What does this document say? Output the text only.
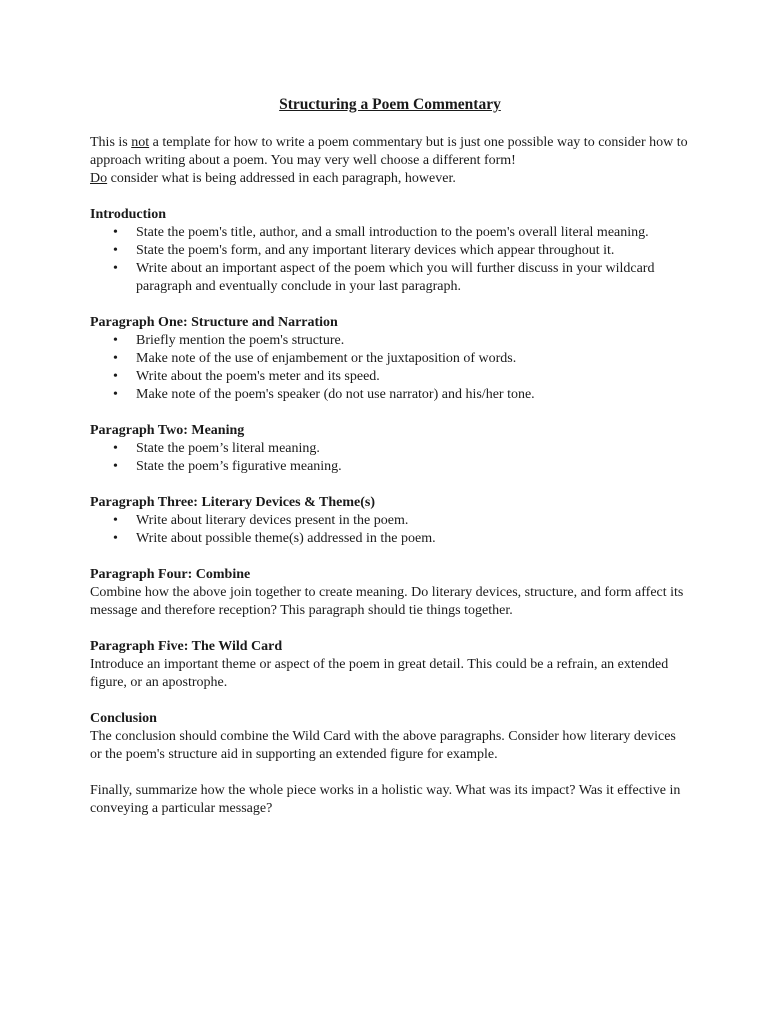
Structuring a Poem Commentary

This is not a template for how to write a poem commentary but is just one possible way to consider how to approach writing about a poem. You may very well choose a different form!
Do consider what is being addressed in each paragraph, however.

Introduction

• State the poem's title, author, and a small introduction to the poem's overall literal meaning.
• State the poem's form, and any important literary devices which appear throughout it.
• Write about an important aspect of the poem which you will further discuss in your wildcard paragraph and eventually conclude in your last paragraph.

Paragraph One: Structure and Narration

• Briefly mention the poem's structure.
• Make note of the use of enjambement or the juxtaposition of words.
• Write about the poem's meter and its speed.
• Make note of the poem's speaker (do not use narrator) and his/her tone.

Paragraph Two: Meaning

• State the poem’s literal meaning.
• State the poem’s figurative meaning.

Paragraph Three: Literary Devices & Theme(s)

• Write about literary devices present in the poem.
• Write about possible theme(s) addressed in the poem.

Paragraph Four: Combine

Combine how the above join together to create meaning. Do literary devices, structure, and form affect its message and therefore reception? This paragraph should tie things together.

Paragraph Five: The Wild Card

Introduce an important theme or aspect of the poem in great detail. This could be a refrain, an extended figure, or an apostrophe.

Conclusion

The conclusion should combine the Wild Card with the above paragraphs. Consider how literary devices or the poem's structure aid in supporting an extended figure for example.

Finally, summarize how the whole piece works in a holistic way. What was its impact? Was it effective in conveying a particular message?
